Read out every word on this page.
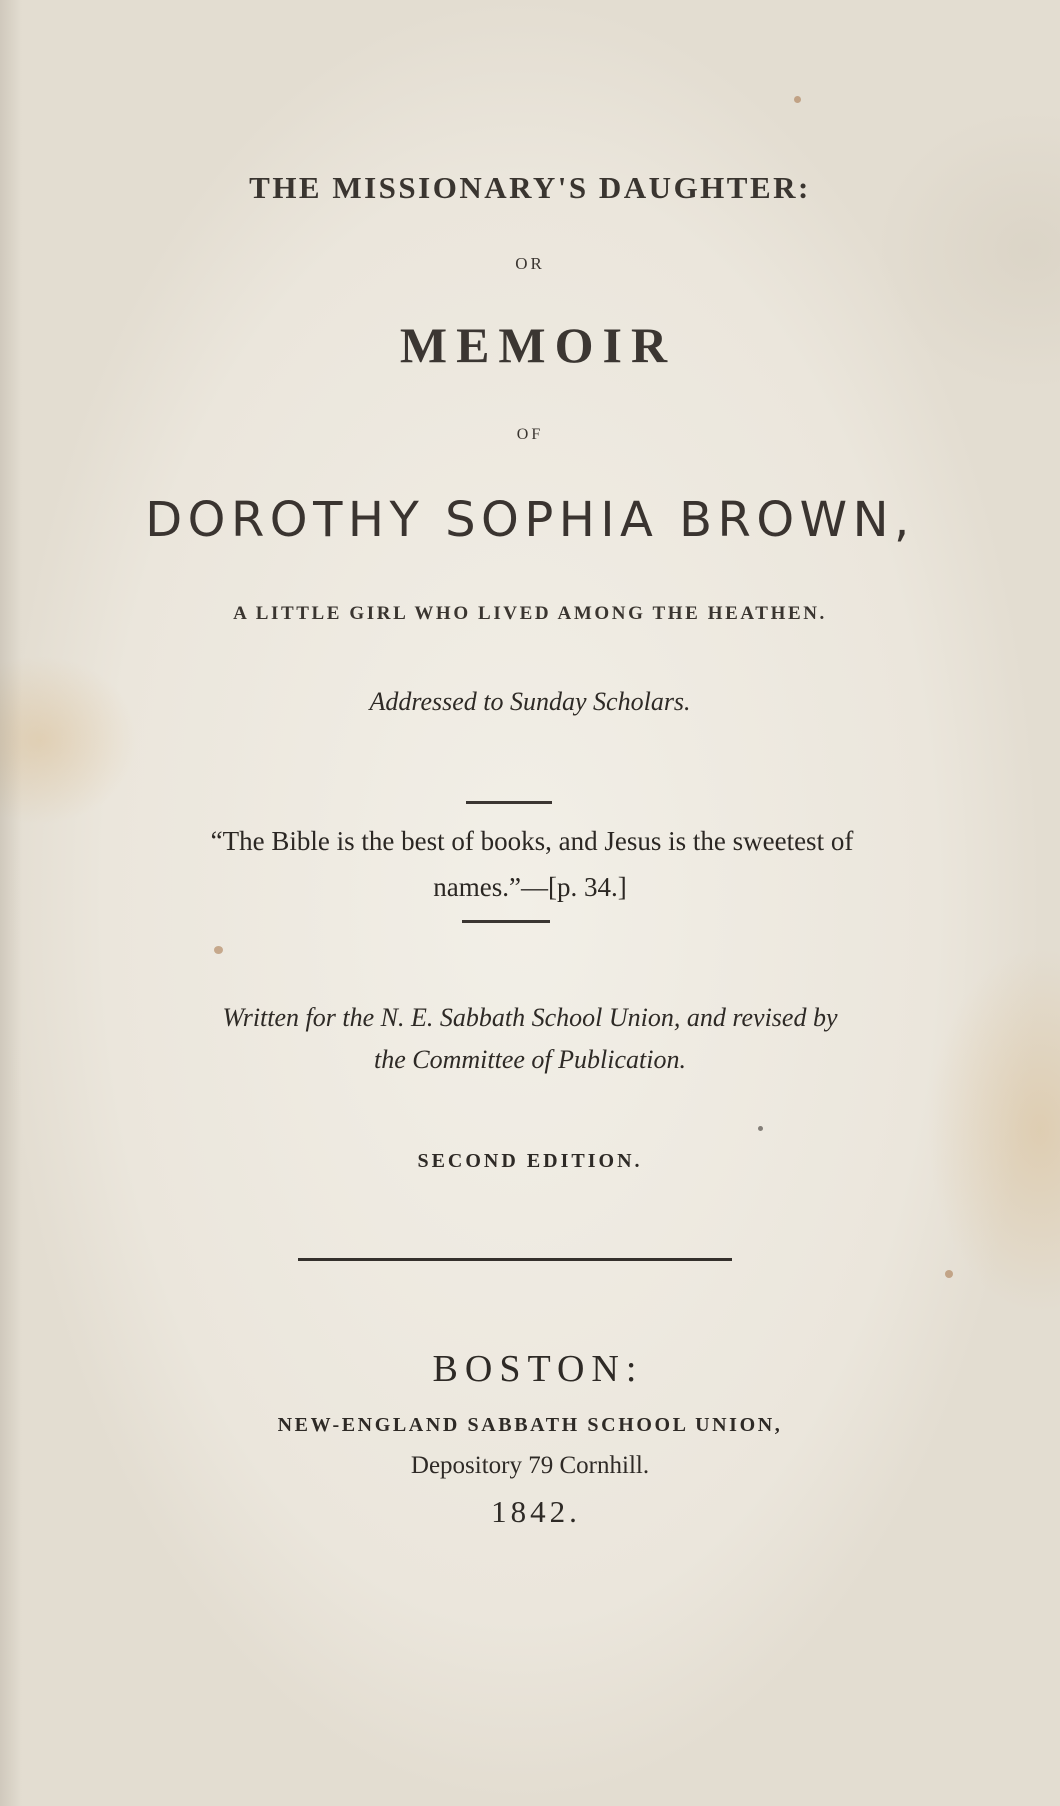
THE MISSIONARY'S DAUGHTER:
OR
MEMOIR
OF
DOROTHY SOPHIA BROWN,
A LITTLE GIRL WHO LIVED AMONG THE HEATHEN.
Addressed to Sunday Scholars.
“The Bible is the best of books, and Jesus is the sweetest of
names.”—[p. 34.]
Written for the N. E. Sabbath School Union, and revised by
the Committee of Publication.
SECOND EDITION.
BOSTON:
NEW-ENGLAND SABBATH SCHOOL UNION,
Depository 79 Cornhill.
1842.
